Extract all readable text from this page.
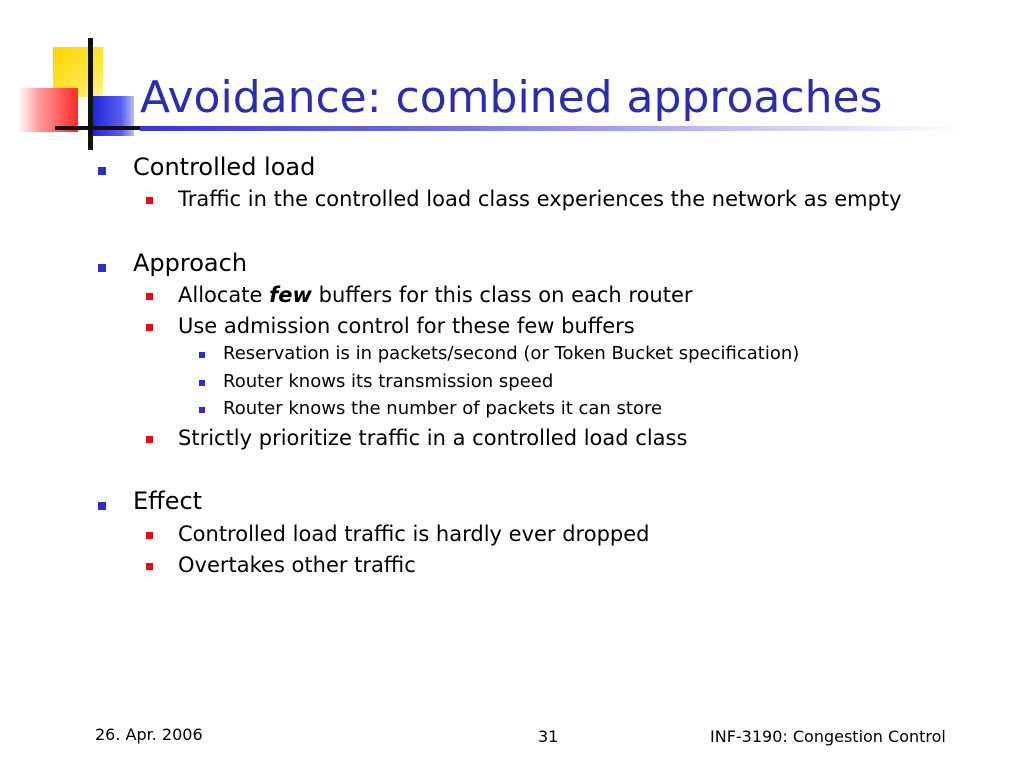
Avoidance: combined approaches
Controlled load
Traffic in the controlled load class experiences the network as empty
Approach
Allocate few buffers for this class on each router
Use admission control for these few buffers
Reservation is in packets/second (or Token Bucket specification)
Router knows its transmission speed
Router knows the number of packets it can store
Strictly prioritize traffic in a controlled load class
Effect
Controlled load traffic is hardly ever dropped
Overtakes other traffic
26. Apr. 2006	31	INF-3190: Congestion Control
